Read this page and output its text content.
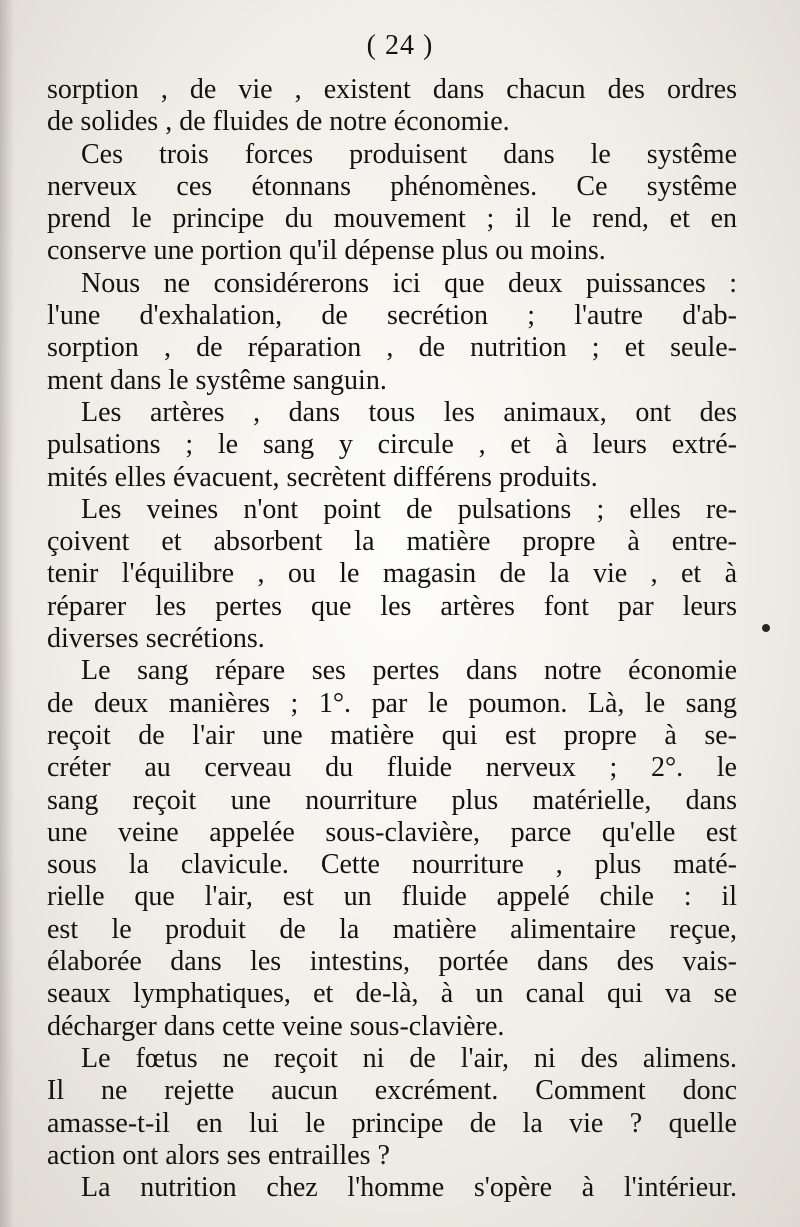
( 24 )
sorption , de vie , existent dans chacun des ordres
de solides , de fluides de notre économie.
Ces trois forces produisent dans le systême
nerveux ces étonnans phénomènes. Ce systême
prend le principe du mouvement ; il le rend, et en
conserve une portion qu'il dépense plus ou moins.
Nous ne considérerons ici que deux puissances :
l'une d'exhalation, de secrétion ; l'autre d'ab-
sorption , de réparation , de nutrition ; et seule-
ment dans le systême sanguin.
Les artères , dans tous les animaux, ont des
pulsations ; le sang y circule , et à leurs extré-
mités elles évacuent, secrètent différens produits.
Les veines n'ont point de pulsations ; elles re-
çoivent et absorbent la matière propre à entre-
tenir l'équilibre , ou le magasin de la vie , et à
réparer les pertes que les artères font par leurs
diverses secrétions.
Le sang répare ses pertes dans notre économie
de deux manières ; 1°. par le poumon. Là, le sang
reçoit de l'air une matière qui est propre à se-
créter au cerveau du fluide nerveux ; 2°. le
sang reçoit une nourriture plus matérielle, dans
une veine appelée sous-clavière, parce qu'elle est
sous la clavicule. Cette nourriture , plus maté-
rielle que l'air, est un fluide appelé chile : il
est le produit de la matière alimentaire reçue,
élaborée dans les intestins, portée dans des vais-
seaux lymphatiques, et de-là, à un canal qui va se
décharger dans cette veine sous-clavière.
Le fœtus ne reçoit ni de l'air, ni des alimens.
Il ne rejette aucun excrément. Comment donc
amasse-t-il en lui le principe de la vie ? quelle
action ont alors ses entrailles ?
La nutrition chez l'homme s'opère à l'intérieur.
